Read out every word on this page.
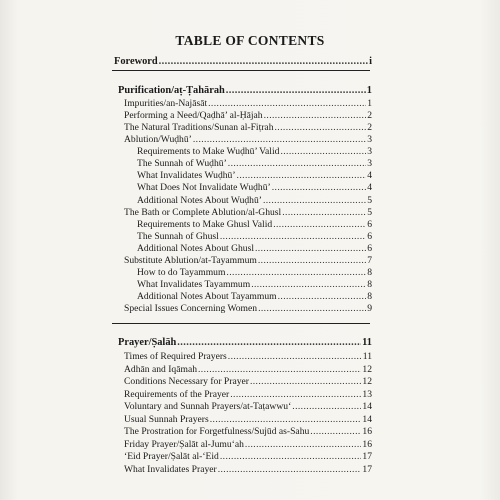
TABLE OF CONTENTS
Foreword .....	i
Purification/aṭ-Ṭahārah .....	1
Impurities/an-Najāsāt .....	1
Performing a Need/Qaḍhā’ al-Ḥājah .....	2
The Natural Traditions/Sunan al-Fiṭrah .....	2
Ablution/Wuḍhū’ .....	3
Requirements to Make Wuḍhū’ Valid .....	3
The Sunnah of Wuḍhū’ .....	3
What Invalidates Wuḍhū’ .....	4
What Does Not Invalidate Wuḍhū’ .....	4
Additional Notes About Wuḍhū’ .....	5
The Bath or Complete Ablution/al-Ghusl .....	5
Requirements to Make Ghusl Valid .....	6
The Sunnah of Ghusl .....	6
Additional Notes About Ghusl .....	6
Substitute Ablution/at-Tayammum .....	7
How to do Tayammum .....	8
What Invalidates Tayammum .....	8
Additional Notes About Tayammum .....	8
Special Issues Concerning Women .....	9
Prayer/Ṣalāh .....	11
Times of Required Prayers .....	11
Adhān and Iqāmah .....	12
Conditions Necessary for Prayer .....	12
Requirements of the Prayer .....	13
Voluntary and Sunnah Prayers/at-Taṭawwu‘ .....	14
Usual Sunnah Prayers .....	14
The Prostration for Forgetfulness/Sujūd as-Sahu .....	16
Friday Prayer/Ṣalāt al-Jumu‘ah .....	16
‘Eid Prayer/Ṣalāt al-‘Eid .....	17
What Invalidates Prayer .....	17
